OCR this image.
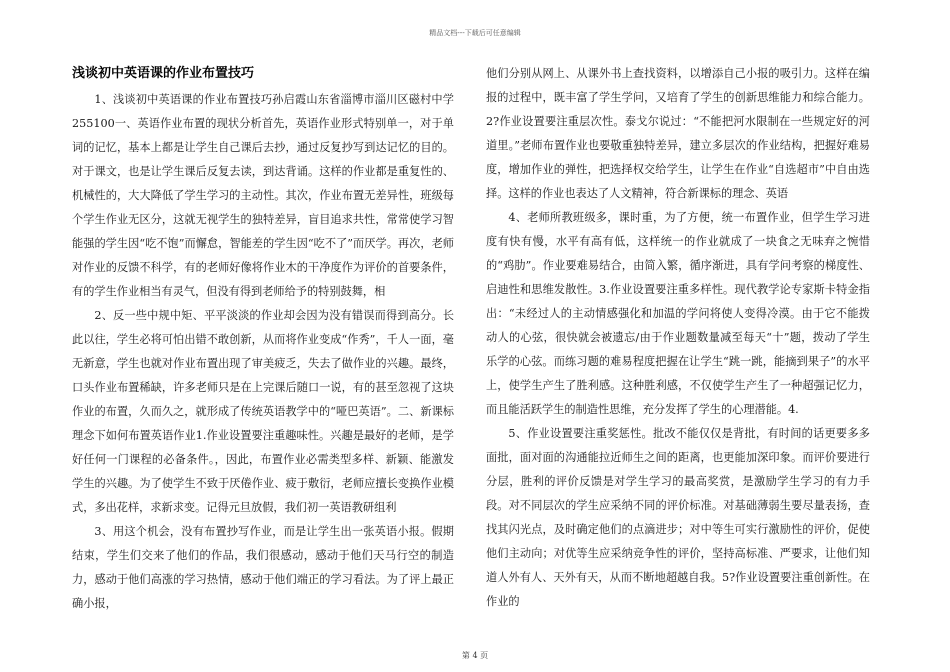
精品文档---下载后可任意编辑
浅谈初中英语课的作业布置技巧

1、浅谈初中英语课的作业布置技巧孙启霞山东省淄博市淄川区磁村中学255100一、英语作业布置的现状分析首先，英语作业形式特别单一，对于单词的记忆，基本上都是让学生自己课后去抄，通过反复抄写到达记忆的目的。对于课文，也是让学生课后反复去读，到达背诵。这样的作业都是重复性的、机械性的，大大降低了学生学习的主动性。其次，作业布置无差异性，班级每个学生作业无区分，这就无视学生的独特差异，盲目追求共性，常常使学习智能强的学生因“吃不饱”而懈怠，智能差的学生因“吃不了”而厌学。再次，老师对作业的反馈不科学，有的老师好像将作业木的干净度作为评价的首要条件，有的学生作业相当有灵气，但没有得到老师给予的特别鼓舞，相

2、反一些中规中矩、平平淡淡的作业却会因为没有错误而得到高分。长此以往，学生必将可怕出错不敢创新，从而将作业变成“作秀”，千人一面，毫无新意，学生也就对作业布置出现了审美疲乏，失去了做作业的兴趣。最终，口头作业布置稀缺，许多老师只是在上完课后随口一说，有的甚至忽视了这块作业的布置，久而久之，就形成了传统英语教学中的“哑巴英语”。二、新课标理念下如何布置英语作业1.作业设置要注重趣味性。兴趣是最好的老师，是学好任何一门课程的必备条件。，因此，布置作业必需类型多样、新颖、能激发学生的兴趣。为了使学生不致于厌倦作业、疲于敷衍，老师应擅长变换作业模式，多出花样，求新求变。记得元旦放假，我们初一英语教研组利

3、用这个机会，没有布置抄写作业，而是让学生出一张英语小报。假期结束，学生们交来了他们的作品，我们很感动，感动于他们天马行空的制造力，感动于他们高涨的学习热情，感动于他们端正的学习看法。为了评上最正确小报，

他们分别从网上、从课外书上查找资料，以增添自己小报的吸引力。这样在编报的过程中，既丰富了学生学问，又培育了学生的创新思维能力和综合能力。2?作业设置要注重层次性。泰戈尔说过：“不能把河水限制在一些规定好的河道里。”老师布置作业也要敬重独特差异，建立多层次的作业结构，把握好难易度，增加作业的弹性，把选择权交给学生，让学生在作业“自选超市”中自由选择。这样的作业也表达了人文精神，符合新课标的理念、英语

4、老师所教班级多，课时重，为了方便，统一布置作业，但学生学习进度有快有慢，水平有高有低，这样统一的作业就成了一块食之无味弃之惋惜的“鸡肋”。作业要难易结合，由简入繁，循序渐进，具有学问考察的梯度性、启迪性和思维发散性。3.作业设置要注重多样性。现代教学论专家斯卡特金指出：“未经过人的主动情感强化和加温的学问将使人变得冷漠。由于它不能拨动人的心弦，很快就会被遗忘/由于作业题数量减至每天“十”题，拨动了学生乐学的心弦。而练习题的难易程度把握在让学生“跳一跳，能摘到果子”的水平上，使学生产生了胜利感。这种胜利感，不仅使学生产生了一种超强记忆力，而且能活跃学生的制造性思维，充分发挥了学生的心理潜能。4.

5、作业设置要注重奖惩性。批改不能仅仅是背批，有时间的话更要多多面批，面对面的沟通能拉近师生之间的距离，也更能加深印象。而评价要进行分层，胜利的评价反馈是对学生学习的最高奖赏，是激励学生学习的有力手段。对不同层次的学生应采纳不同的评价标准。对基础薄弱生要尽量表扬，查找其闪光点，及时确定他们的点滴进步；对中等生可实行激励性的评价，促使他们主动向；对优等生应采纳竞争性的评价，坚持高标准、严要求，让他们知道人外有人、天外有天，从而不断地超越自我。5?作业设置要注重创新性。在作业的

第 4 页
